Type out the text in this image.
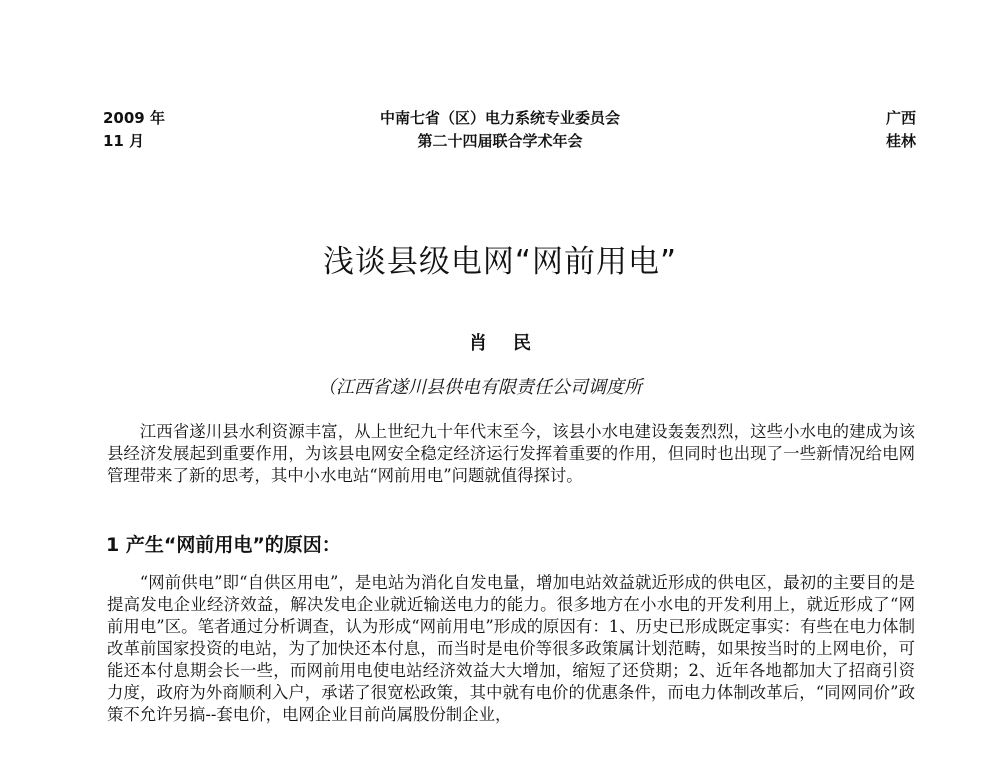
2009 年
11 月
中南七省（区）电力系统专业委员会
第二十四届联合学术年会
广西
桂林
浅谈县级电网“网前用电”
肖民
（江西省遂川县供电有限责任公司调度所

江西省遂川县水利资源丰富，从上世纪九十年代末至今，该县小水电建设轰轰烈烈，这些小水电的建成为该县经济发展起到重要作用，为该县电网安全稳定经济运行发挥着重要的作用，但同时也出现了一些新情况给电网管理带来了新的思考，其中小水电站“网前用电”问题就值得探讨。

1 产生“网前用电”的原因：

“网前供电”即“自供区用电”，是电站为消化自发电量，增加电站效益就近形成的供电区，最初的主要目的是提高发电企业经济效益，解决发电企业就近输送电力的能力。很多地方在小水电的开发利用上，就近形成了“网前用电”区。笔者通过分析调查，认为形成“网前用电”形成的原因有：1、历史已形成既定事实：有些在电力体制改革前国家投资的电站，为了加快还本付息，而当时是电价等很多政策属计划范畴，如果按当时的上网电价，可能还本付息期会长一些，而网前用电使电站经济效益大大增加，缩短了还贷期；2、近年各地都加大了招商引资力度，政府为外商顺利入户，承诺了很宽松政策，其中就有电价的优惠条件，而电力体制改革后，“同网同价”政策不允许另搞--套电价，电网企业目前尚属股份制企业，
